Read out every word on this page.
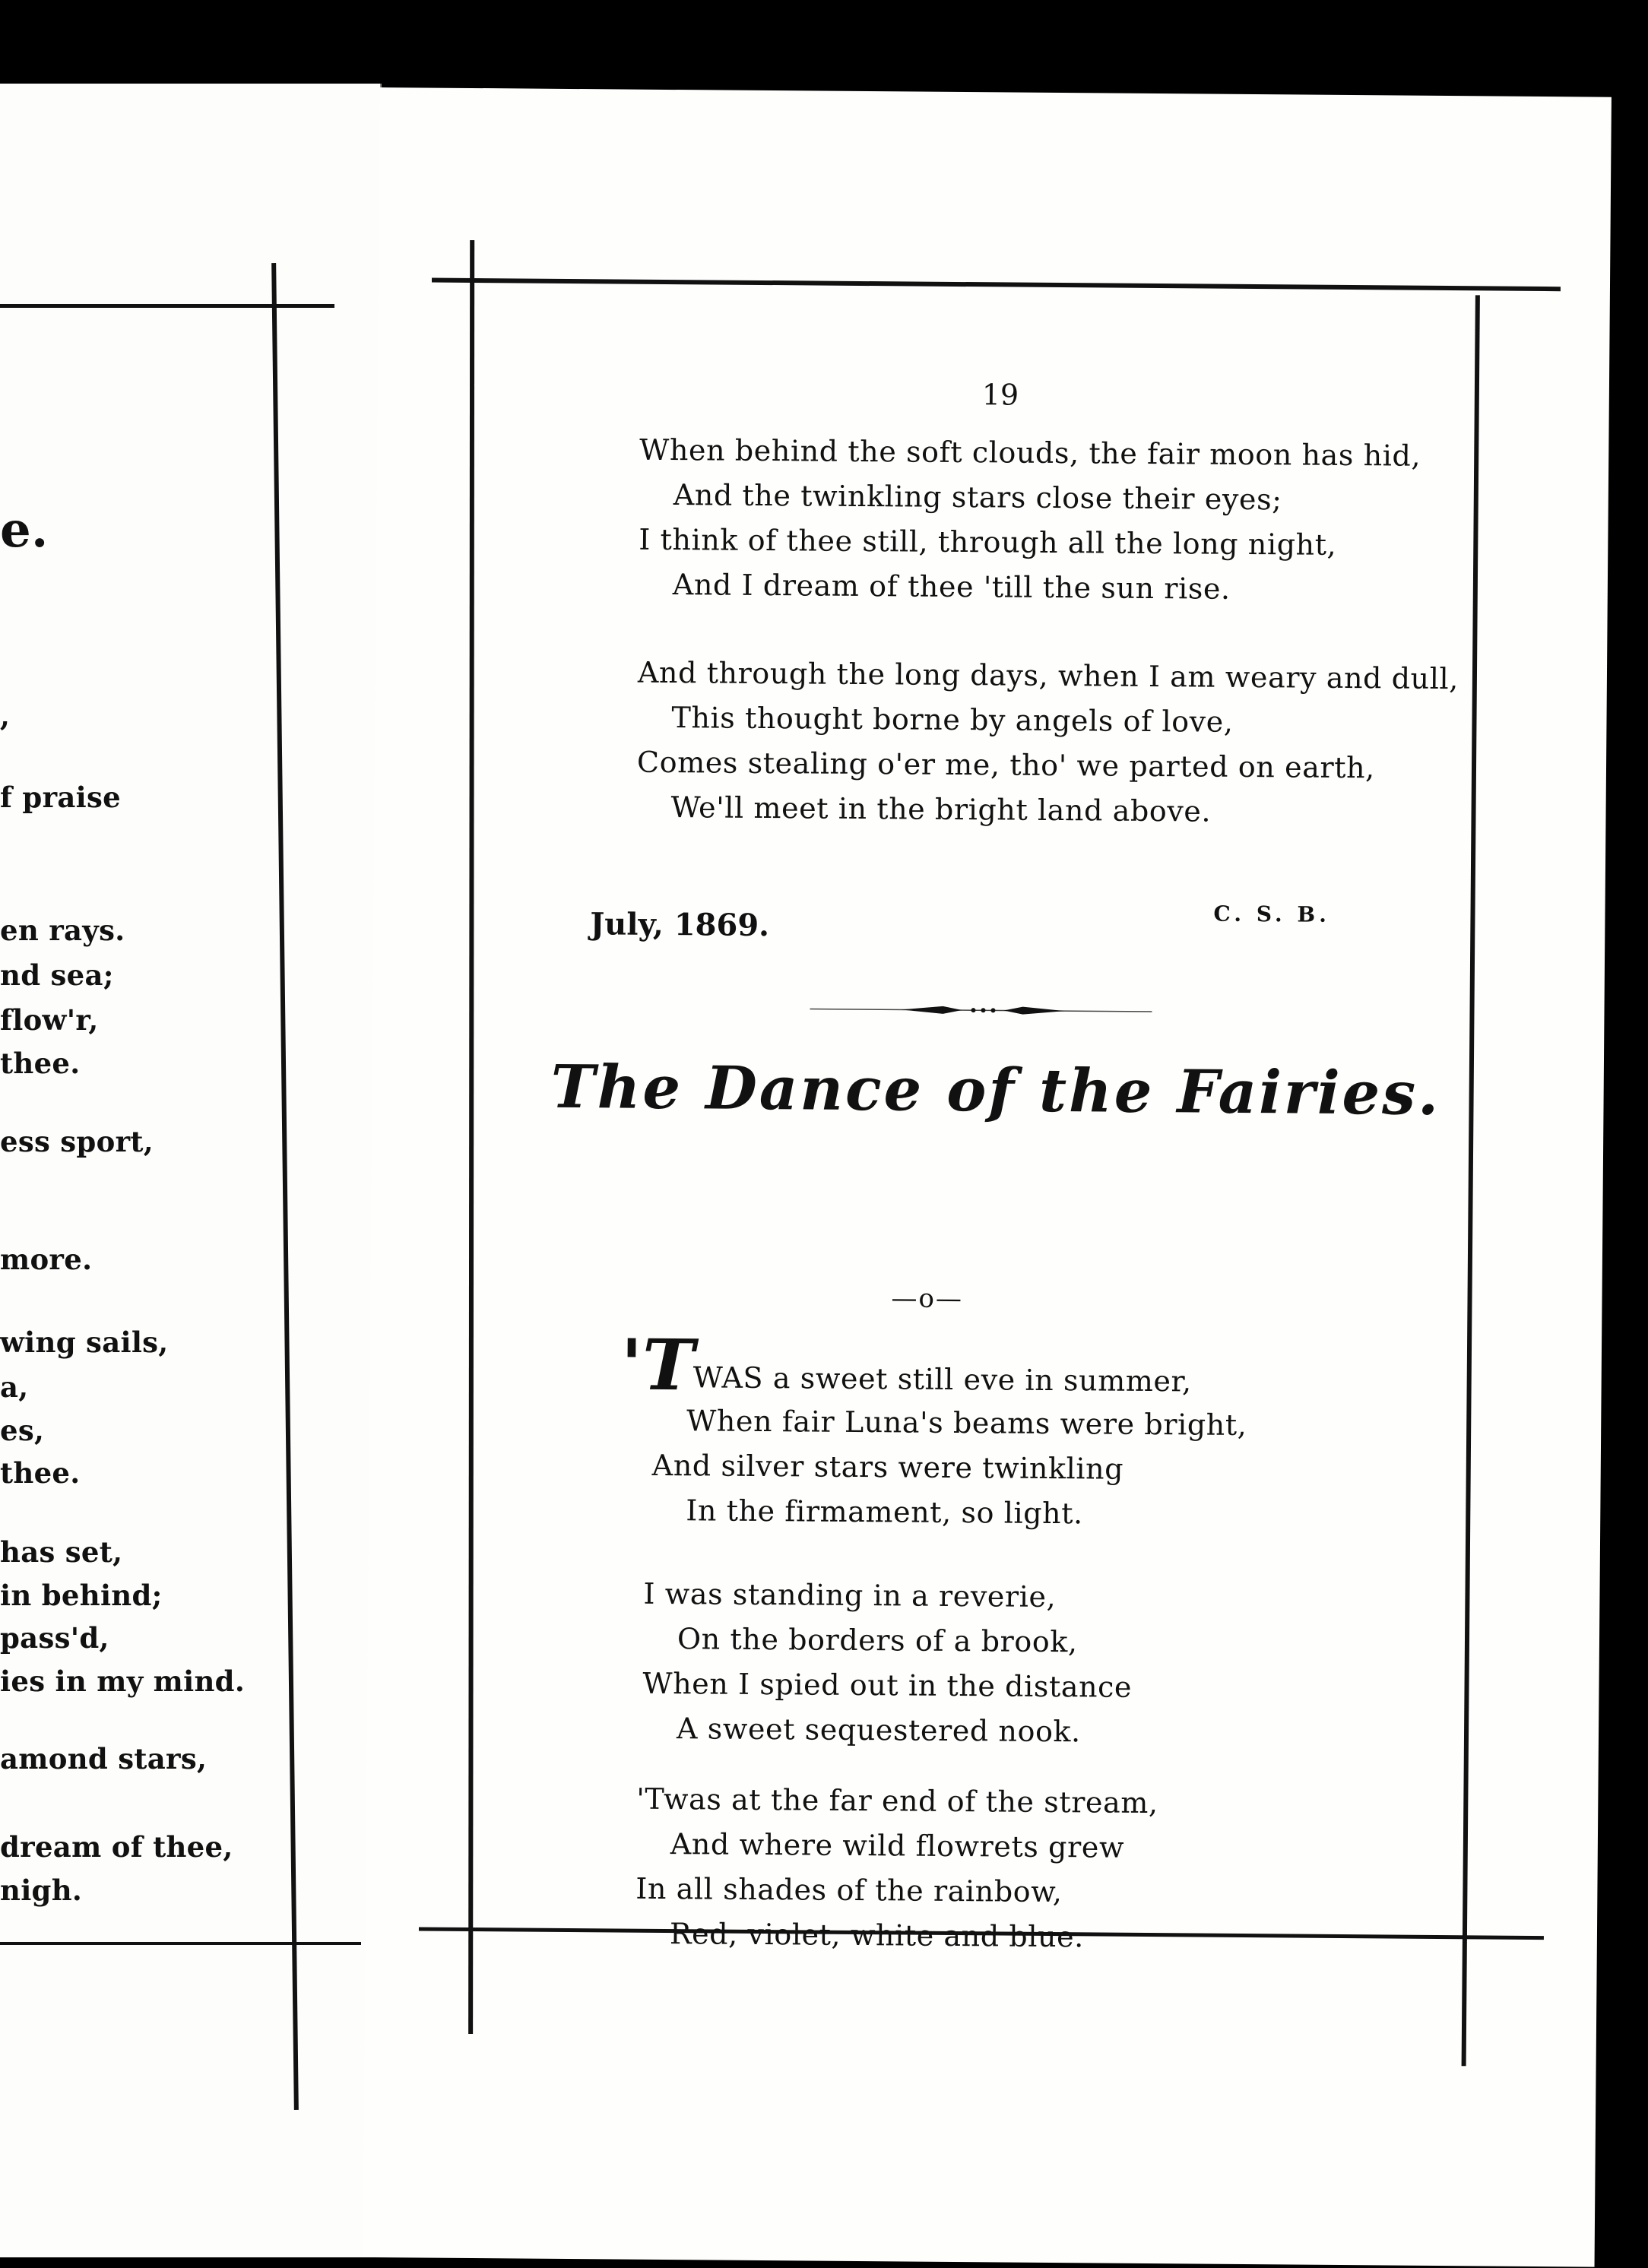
e.
,
f praise
en rays.
nd sea;
flow'r,
thee.
ess sport,
more.
wing sails,
a,
es,
thee.
has set,
in behind;
pass'd,
ies in my mind.
amond stars,
dream of thee,
nigh.
19
When behind the soft clouds, the fair moon has hid,
And the twinkling stars close their eyes;
I think of thee still, through all the long night,
And I dream of thee 'till the sun rise.
And through the long days, when I am weary and dull,
This thought borne by angels of love,
Comes stealing o'er me, tho' we parted on earth,
We'll meet in the bright land above.
July, 1869.	C. S. B.
The Dance of the Fairies.
—o—
'T
WAS a sweet still eve in summer,
When fair Luna's beams were bright,
And silver stars were twinkling
In the firmament, so light.
I was standing in a reverie,
On the borders of a brook,
When I spied out in the distance
A sweet sequestered nook.
'Twas at the far end of the stream,
And where wild flowrets grew
In all shades of the rainbow,
Red, violet, white and blue.
